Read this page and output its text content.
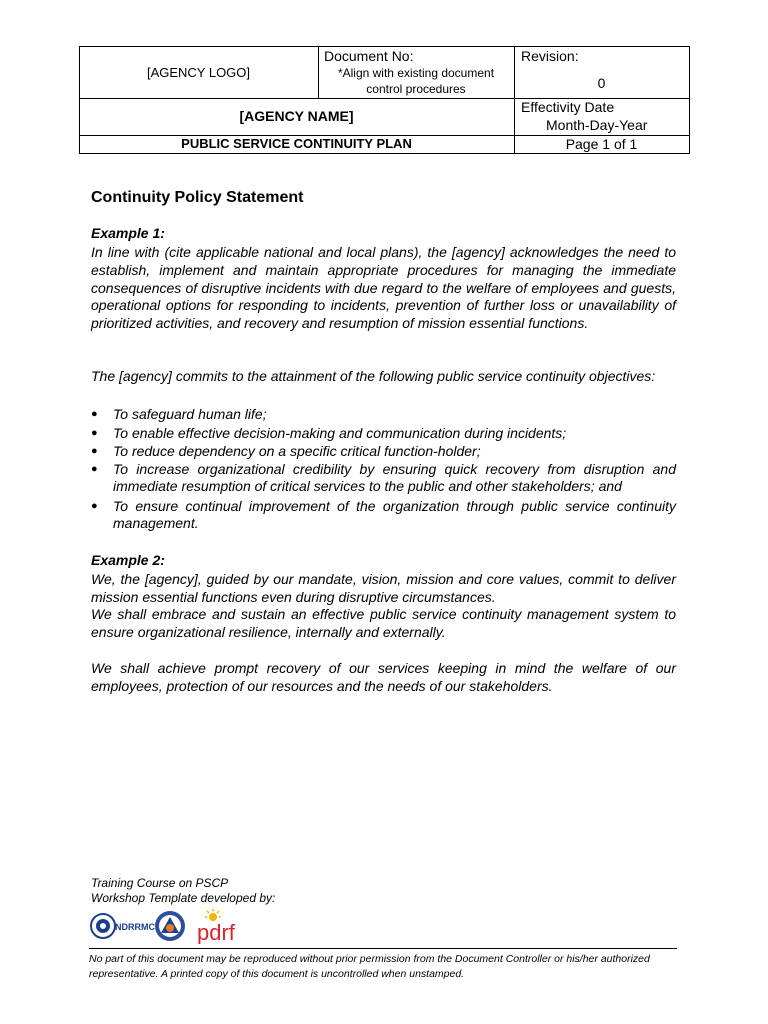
[AGENCY LOGO]
Document No:
*Align with existing document
control procedures
Revision:
0
[AGENCY NAME]
Effectivity Date
Month-Day-Year
PUBLIC SERVICE CONTINUITY PLAN	Page 1 of 1
Continuity Policy Statement
Example 1:
In line with (cite applicable national and local plans), the [agency] acknowledges the need to establish, implement and maintain appropriate procedures for managing the immediate consequences of disruptive incidents with due regard to the welfare of employees and guests, operational options for responding to incidents, prevention of further loss or unavailability of prioritized activities, and recovery and resumption of mission essential functions.
The [agency] commits to the attainment of the following public service continuity objectives:
● To safeguard human life;
● To enable effective decision-making and communication during incidents;
● To reduce dependency on a specific critical function-holder;
● To increase organizational credibility by ensuring quick recovery from disruption and immediate resumption of critical services to the public and other stakeholders; and
● To ensure continual improvement of the organization through public service continuity management.
Example 2:
We, the [agency], guided by our mandate, vision, mission and core values, commit to deliver mission essential functions even during disruptive circumstances.
We shall embrace and sustain an effective public service continuity management system to ensure organizational resilience, internally and externally.
We shall achieve prompt recovery of our services keeping in mind the welfare of our employees, protection of our resources and the needs of our stakeholders.
Training Course on PSCP
Workshop Template developed by:
NDRRMC pdrf
No part of this document may be reproduced without prior permission from the Document Controller or his/her authorized representative. A printed copy of this document is uncontrolled when unstamped.
